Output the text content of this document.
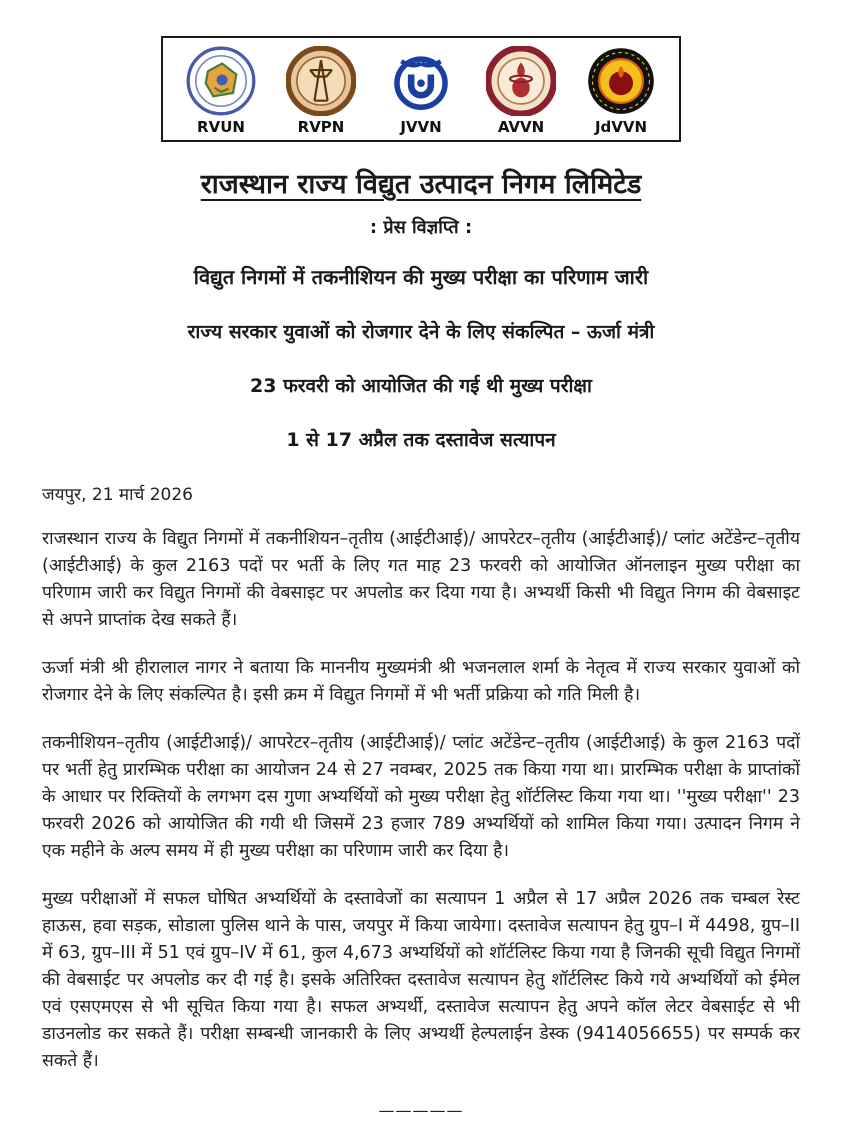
RVUN	RVPN	JVVN	AVVN	JdVVN
राजस्थान राज्य विद्युत उत्पादन निगम लिमिटेड
: प्रेस विज्ञप्ति :
विद्युत निगमों में तकनीशियन की मुख्य परीक्षा का परिणाम जारी
राज्य सरकार युवाओं को रोजगार देने के लिए संकल्पित – ऊर्जा मंत्री
23 फरवरी को आयोजित की गई थी मुख्य परीक्षा
1 से 17 अप्रैल तक दस्तावेज सत्यापन
जयपुर, 21 मार्च 2026

राजस्थान राज्य के विद्युत निगमों में तकनीशियन–तृतीय (आईटीआई)/ आपरेटर–तृतीय (आईटीआई)/ प्लांट अटेंडेन्ट–तृतीय (आईटीआई) के कुल 2163 पदों पर भर्ती के लिए गत माह 23 फरवरी को आयोजित ऑनलाइन मुख्य परीक्षा का परिणाम जारी कर विद्युत निगमों की वेबसाइट पर अपलोड कर दिया गया है। अभ्यर्थी किसी भी विद्युत निगम की वेबसाइट से अपने प्राप्तांक देख सकते हैं।

ऊर्जा मंत्री श्री हीरालाल नागर ने बताया कि माननीय मुख्यमंत्री श्री भजनलाल शर्मा के नेतृत्व में राज्य सरकार युवाओं को रोजगार देने के लिए संकल्पित है। इसी क्रम में विद्युत निगमों में भी भर्ती प्रक्रिया को गति मिली है।

तकनीशियन–तृतीय (आईटीआई)/ आपरेटर–तृतीय (आईटीआई)/ प्लांट अटेंडेन्ट–तृतीय (आईटीआई) के कुल 2163 पदों पर भर्ती हेतु प्रारम्भिक परीक्षा का आयोजन 24 से 27 नवम्बर, 2025 तक किया गया था। प्रारम्भिक परीक्षा के प्राप्तांकों के आधार पर रिक्तियों के लगभग दस गुणा अभ्यर्थियों को मुख्य परीक्षा हेतु शॉर्टलिस्ट किया गया था। ''मुख्य परीक्षा'' 23 फरवरी 2026 को आयोजित की गयी थी जिसमें 23 हजार 789 अभ्यर्थियों को शामिल किया गया। उत्पादन निगम ने एक महीने के अल्प समय में ही मुख्य परीक्षा का परिणाम जारी कर दिया है।

मुख्य परीक्षाओं में सफल घोषित अभ्यर्थियों के दस्तावेजों का सत्यापन 1 अप्रैल से 17 अप्रैल 2026 तक चम्बल रेस्ट हाऊस, हवा सड़क, सोडाला पुलिस थाने के पास, जयपुर में किया जायेगा। दस्तावेज सत्यापन हेतु ग्रुप–I में 4498, ग्रुप–II में 63, ग्रुप–III में 51 एवं ग्रुप–IV में 61, कुल 4,673 अभ्यर्थियों को शॉर्टलिस्ट किया गया है जिनकी सूची विद्युत निगमों की वेबसाईट पर अपलोड कर दी गई है। इसके अतिरिक्त दस्तावेज सत्यापन हेतु शॉर्टलिस्ट किये गये अभ्यर्थियों को ईमेल एवं एसएमएस से भी सूचित किया गया है। सफल अभ्यर्थी, दस्तावेज सत्यापन हेतु अपने कॉल लेटर वेबसाईट से भी डाउनलोड कर सकते हैं। परीक्षा सम्बन्धी जानकारी के लिए अभ्यर्थी हेल्पलाईन डेस्क (9414056655) पर सम्पर्क कर सकते हैं।

—————
